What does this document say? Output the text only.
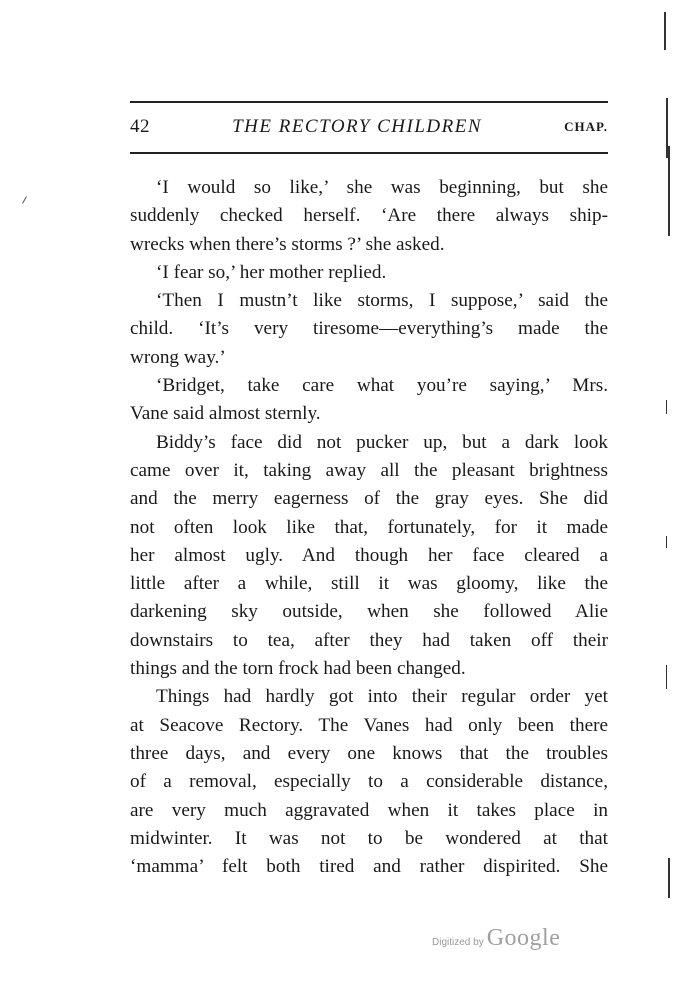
42	THE RECTORY CHILDREN	CHAP.
‘I would so like,’ she was beginning, but she
suddenly checked herself. ‘Are there always ship-
wrecks when there’s storms ?’ she asked.
‘I fear so,’ her mother replied.
‘Then I mustn’t like storms, I suppose,’ said the
child. ‘It’s very tiresome—everything’s made the
wrong way.’
‘Bridget, take care what you’re saying,’ Mrs.
Vane said almost sternly.
Biddy’s face did not pucker up, but a dark look
came over it, taking away all the pleasant brightness
and the merry eagerness of the gray eyes. She did
not often look like that, fortunately, for it made
her almost ugly. And though her face cleared a
little after a while, still it was gloomy, like the
darkening sky outside, when she followed Alie
downstairs to tea, after they had taken off their
things and the torn frock had been changed.
Things had hardly got into their regular order yet
at Seacove Rectory. The Vanes had only been there
three days, and every one knows that the troubles
of a removal, especially to a considerable distance,
are very much aggravated when it takes place in
midwinter. It was not to be wondered at that
‘mamma’ felt both tired and rather dispirited. She
Digitized by Google
